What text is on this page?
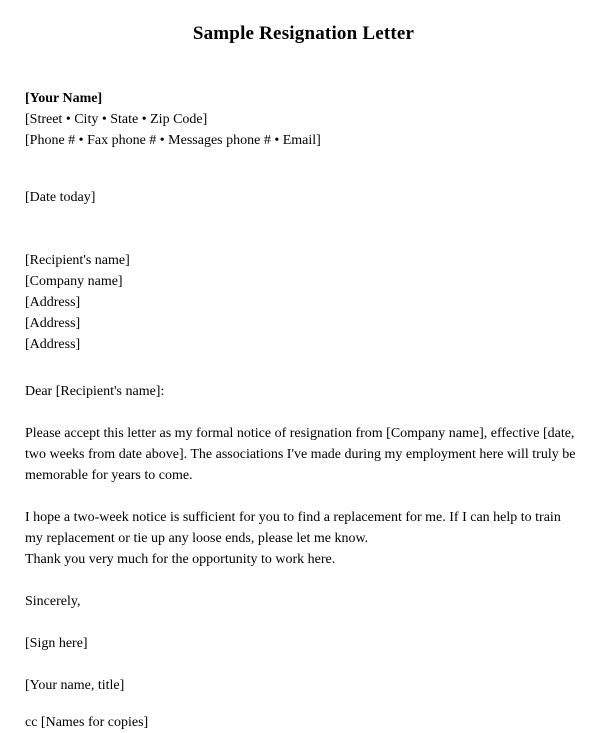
Sample Resignation Letter

[Your Name]

[Street • City • State • Zip Code]

[Phone # • Fax phone # • Messages phone # • Email]

[Date today]

[Recipient's name]

[Company name]

[Address]

[Address]

[Address]

Dear [Recipient's name]:

Please accept this letter as my formal notice of resignation from [Company name], effective [date, two weeks from date above]. The associations I've made during my employment here will truly be memorable for years to come.

I hope a two-week notice is sufficient for you to find a replacement for me. If I can help to train my replacement or tie up any loose ends, please let me know.
Thank you very much for the opportunity to work here.

Sincerely,

[Sign here]

[Your name, title]

cc [Names for copies]
